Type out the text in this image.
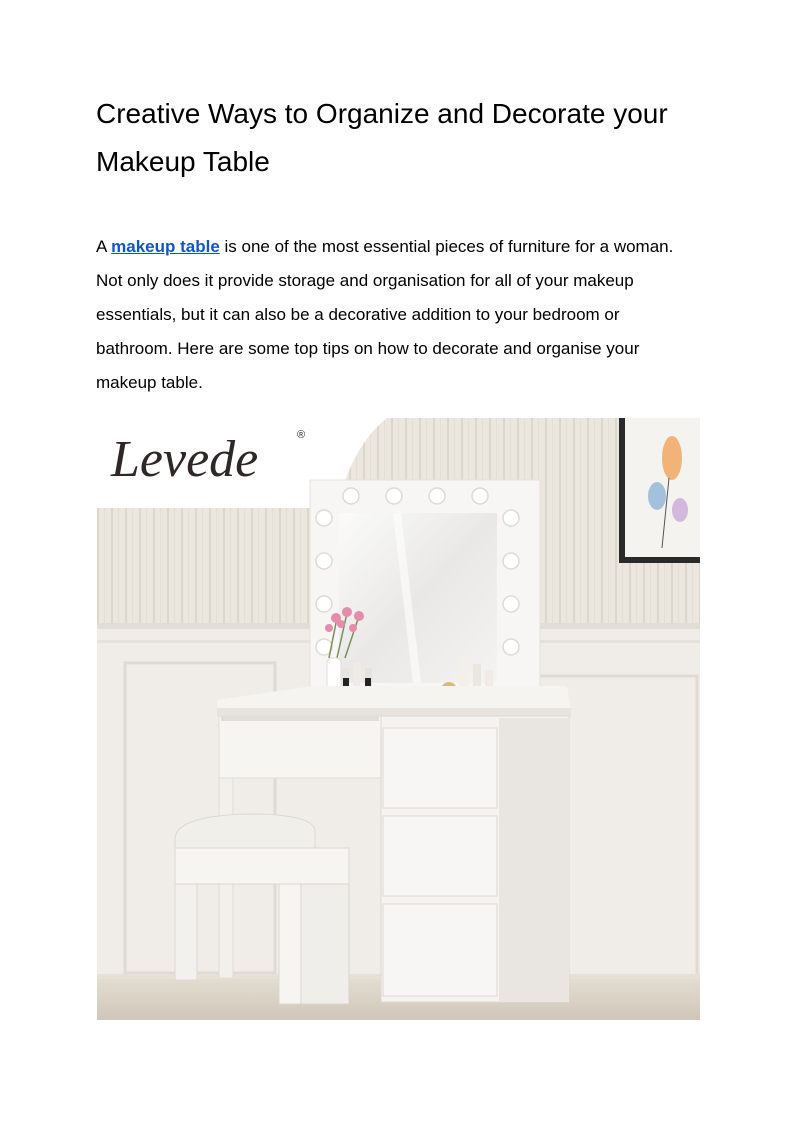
Creative Ways to Organize and Decorate your Makeup Table

A makeup table is one of the most essential pieces of furniture for a woman. Not only does it provide storage and organisation for all of your makeup essentials, but it can also be a decorative addition to your bedroom or bathroom. Here are some top tips on how to decorate and organise your makeup table.

Levede	®
